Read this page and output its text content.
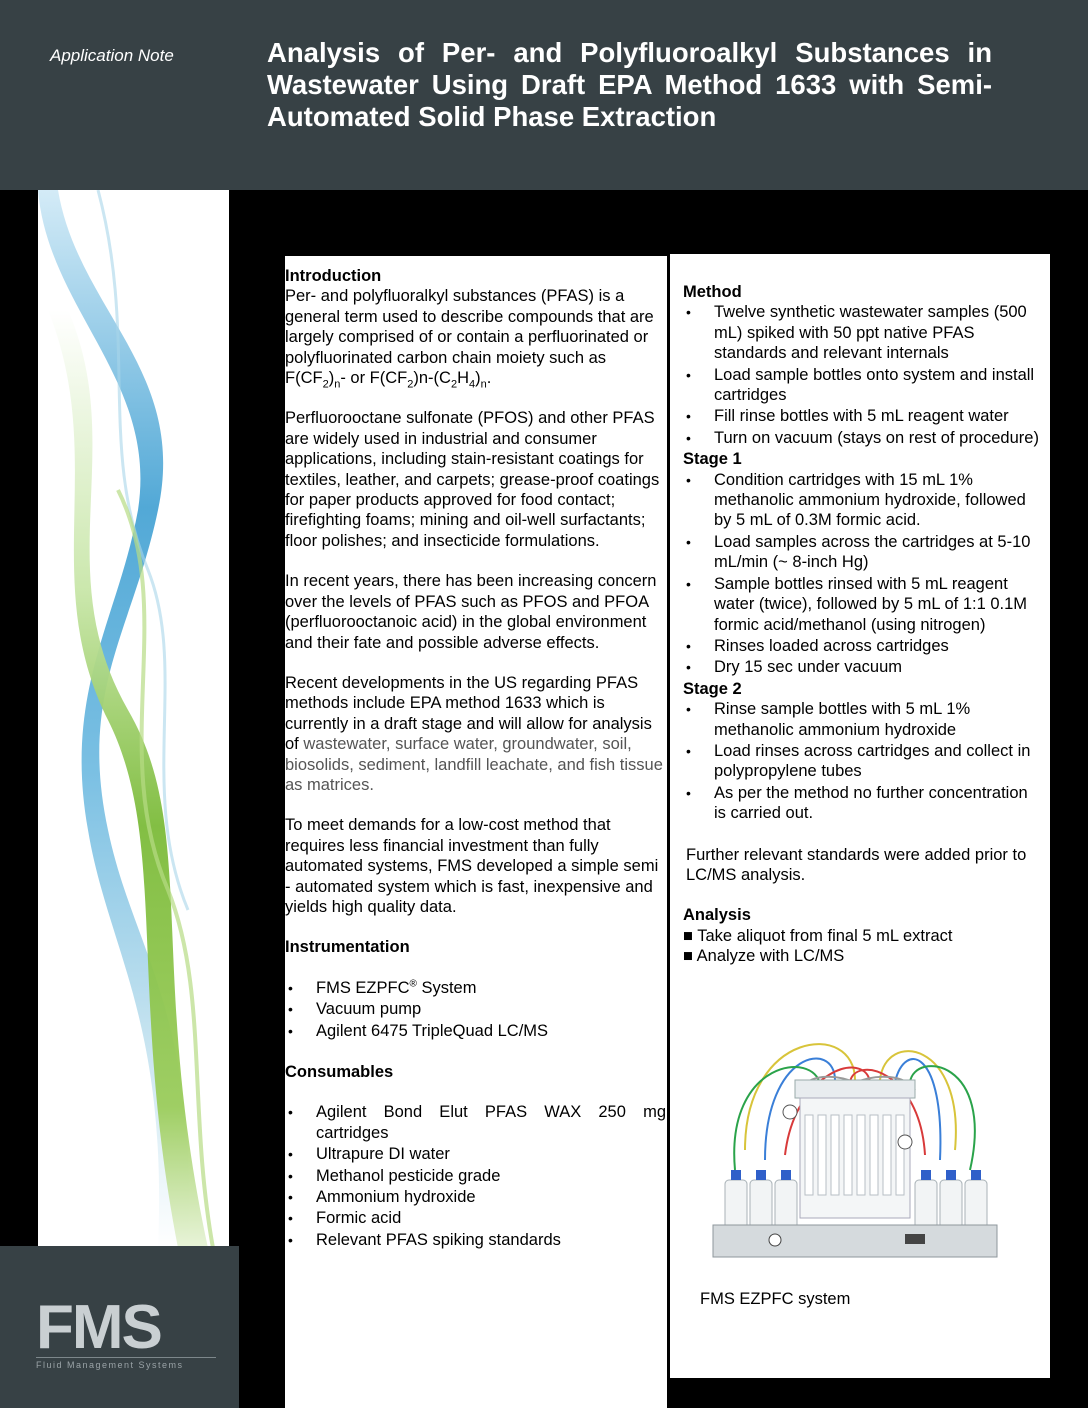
Application Note	Analysis of Per- and Polyfluoroalkyl Substances in Wastewater Using Draft EPA Method 1633 with Semi-Automated Solid Phase Extraction
FMS
Fluid Management Systems
Introduction

Per- and polyfluoralkyl substances (PFAS) is a general term used to describe compounds that are largely comprised of or contain a perfluorinated or polyfluorinated carbon chain moiety such as $F(CF_2)_n-$ or $F(CF_2)n-(C_2H_4)_n$.

Perfluorooctane sulfonate (PFOS) and other PFAS are widely used in industrial and consumer applications, including stain-resistant coatings for textiles, leather, and carpets; grease-proof coatings for paper products approved for food contact; firefighting foams; mining and oil-well surfactants; floor polishes; and insecticide formulations.

In recent years, there has been increasing concern over the levels of PFAS such as PFOS and PFOA (perfluorooctanoic acid) in the global environment and their fate and possible adverse effects.

Recent developments in the US regarding PFAS methods include EPA method 1633 which is currently in a draft stage and will allow for analysis of wastewater, surface water, groundwater, soil, biosolids, sediment, landfill leachate, and fish tissue as matrices.

To meet demands for a low-cost method that requires less financial investment than fully automated systems, FMS developed a simple semi - automated system which is fast, inexpensive and yields high quality data.

Instrumentation
• FMS EZPFC® System
• Vacuum pump
• Agilent 6475 TripleQuad LC/MS
Consumables
• Agilent Bond Elut PFAS WAX 250 mg cartridges
• Ultrapure DI water
• Methanol pesticide grade
• Ammonium hydroxide
• Formic acid
• Relevant PFAS spiking standards
Method
• Twelve synthetic wastewater samples (500 mL) spiked with 50 ppt native PFAS standards and relevant internals
• Load sample bottles onto system and install cartridges
• Fill rinse bottles with 5 mL reagent water
• Turn on vacuum (stays on rest of procedure)
Stage 1
• Condition cartridges with 15 mL 1% methanolic ammonium hydroxide, followed by 5 mL of 0.3M formic acid.
• Load samples across the cartridges at 5-10 mL/min (~ 8-inch Hg)
• Sample bottles rinsed with 5 mL reagent water (twice), followed by 5 mL of 1:1 0.1M formic acid/methanol (using nitrogen)
• Rinses loaded across cartridges
• Dry 15 sec under vacuum
Stage 2
• Rinse sample bottles with 5 mL 1% methanolic ammonium hydroxide
• Load rinses across cartridges and collect in polypropylene tubes
• As per the method no further concentration is carried out.

Further relevant standards were added prior to LC/MS analysis.

Analysis

■ Take aliquot from final 5 mL extract

■ Analyze with LC/MS

FMS EZPFC system
